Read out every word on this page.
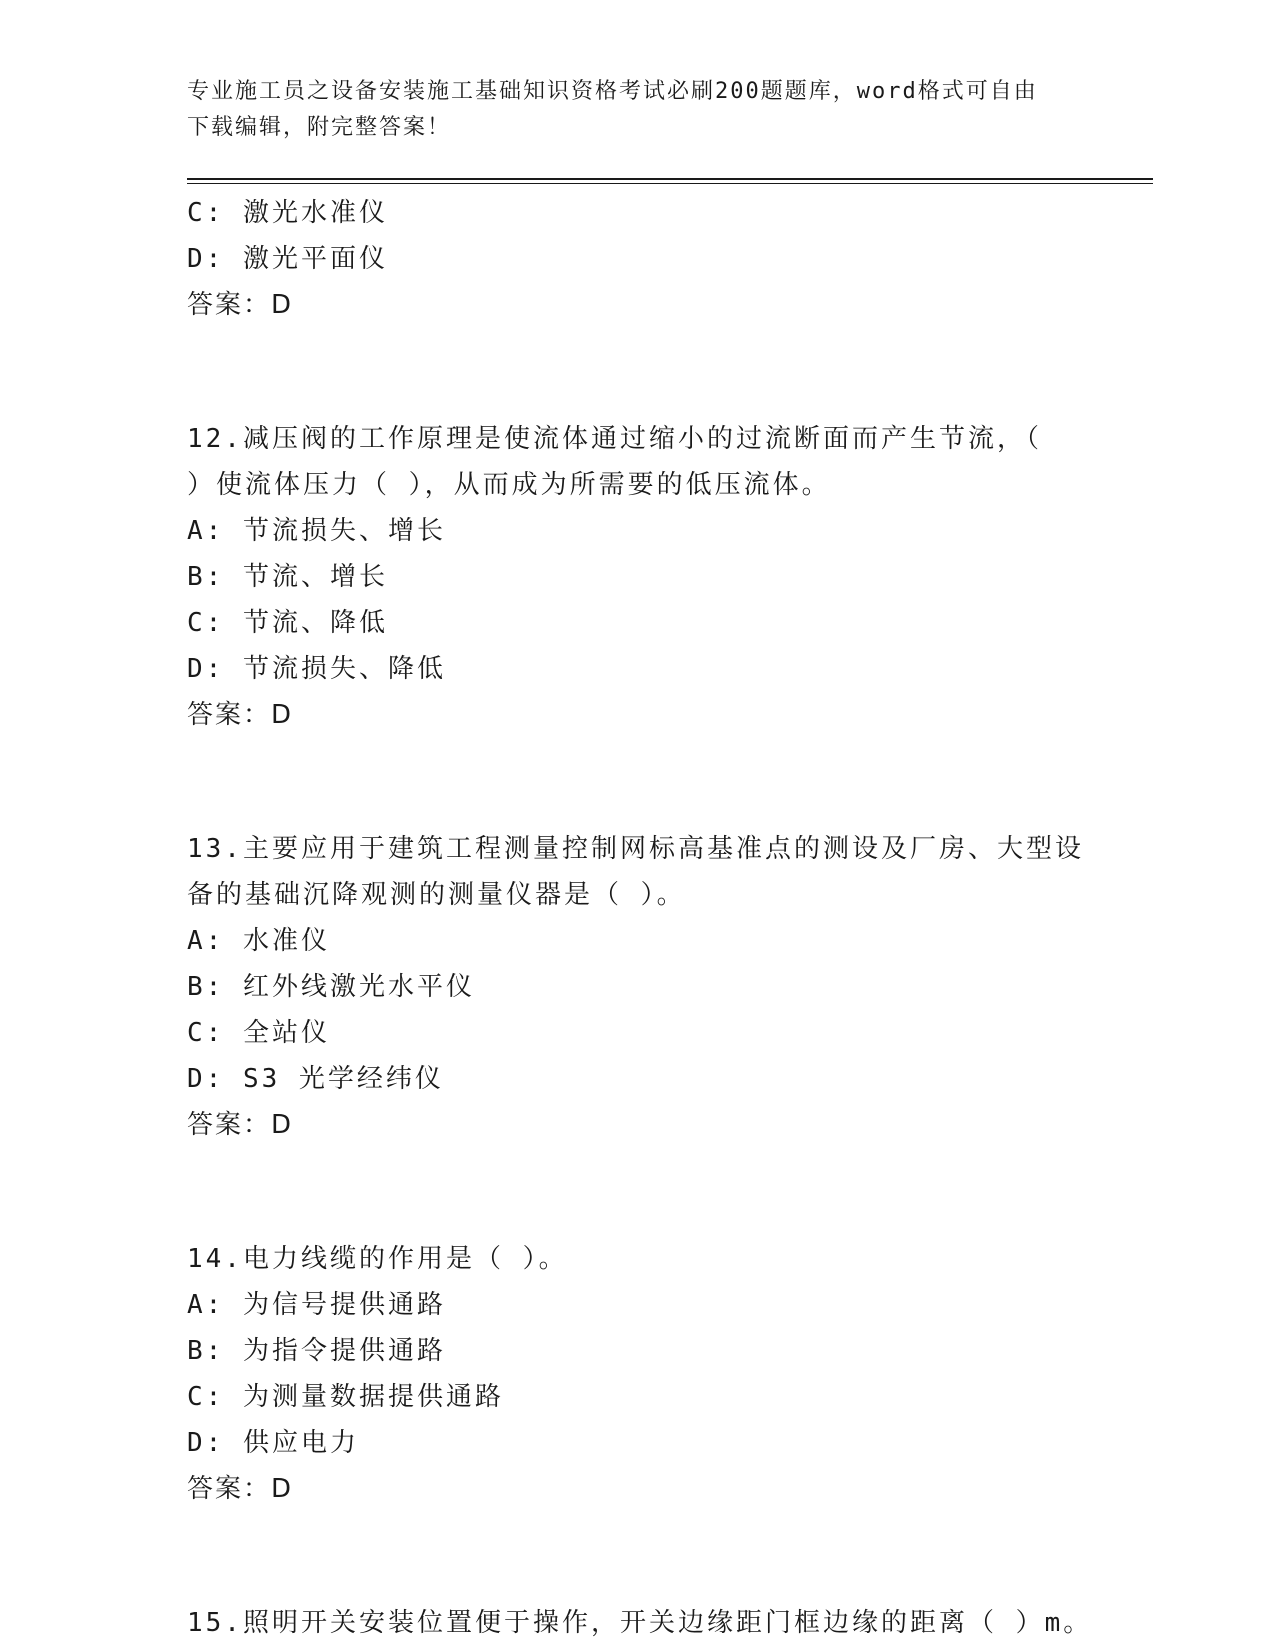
专业施工员之设备安装施工基础知识资格考试必刷200题题库，word格式可自由
下载编辑，附完整答案！
C: 激光水准仪
D: 激光平面仪
答案：D
12.减压阀的工作原理是使流体通过缩小的过流断面而产生节流，（
）使流体压力（ ），从而成为所需要的低压流体。
A: 节流损失、增长
B: 节流、增长
C: 节流、降低
D: 节流损失、降低
答案：D
13.主要应用于建筑工程测量控制网标高基准点的测设及厂房、大型设
备的基础沉降观测的测量仪器是（ ）。
A: 水准仪
B: 红外线激光水平仪
C: 全站仪
D: S3 光学经纬仪
答案：D
14.电力线缆的作用是（ ）。
A: 为信号提供通路
B: 为指令提供通路
C: 为测量数据提供通路
D: 供应电力
答案：D
15.照明开关安装位置便于操作，开关边缘距门框边缘的距离（ ）m。
